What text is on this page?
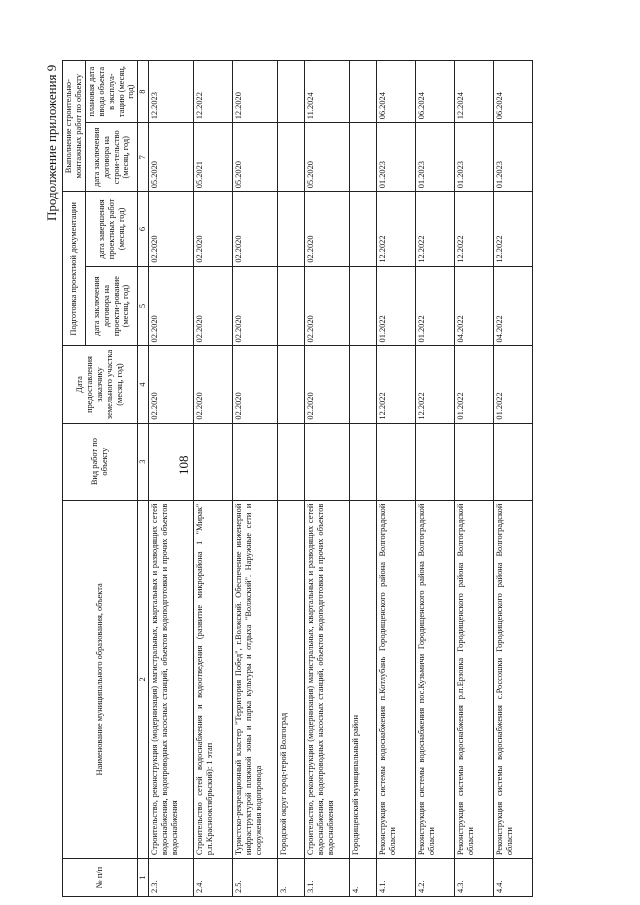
108
Продолжение приложения 9
№ п/п	Наименование муниципального образования, объекта	Вид работ по объекту	Дата предоставления заказчику земельного участка (месяц, год)	Подготовка проектной документации		Выполнение строительно-монтажных работ по объекту	
				дата заключения договора на проекти-рование (месяц, год)	дата завершения проектных работ (месяц, год)	дата заключения договора на строи-тельство (месяц, год)	плановая дата ввода объекта в эксплуа-тацию (месяц, год)
1	2	3	4	5	6	7	8
2.3.	Строительство, реконструкция (модернизация) магистральных, квартальных и разводящих сетей водоснабжения, водопроводных насосных станций, объектов водоподготовки и прочих объектов водоснабжения		02.2020	02.2020	02.2020	05.2020	12.2023
2.4.	Строительство сетей водоснабжения и водоотведения (развитие микрорайона 1 "Мирак" р.п.Краснооктябрьский): 1 этап		02.2020	02.2020	02.2020	05.2021	12.2022
2.5.	Туристско-рекреационный кластер "Территория Побед", г.Волжский. Обеспечение инженерной инфраструктурой пляжной зоны и парка культуры и отдыха "Волжский". Наружные сети и сооружения водопровода		02.2020	02.2020	02.2020	05.2020	12.2020
3.	Городской округ город-герой Волгоград						
3.1.	Строительство, реконструкция (модернизация) магистральных, квартальных и разводящих сетей водоснабжения, водопроводных насосных станций, объектов водоподготовки и прочих объектов водоснабжения		02.2020	02.2020	02.2020	05.2020	11.2024
4.	Городищенский муниципальный район						
4.1.	Реконструкция системы водоснабжения п.Котлубань Городищенского района Волгоградской области		12.2022	01.2022	12.2022	01.2023	06.2024
4.2.	Реконструкция системы водоснабжения пос.Кузьмичи Городищенского района Волгоградской области		12.2022	01.2022	12.2022	01.2023	06.2024
4.3.	Реконструкция системы водоснабжения р.п.Ерзовка Городищенского района Волгоградской области		01.2022	04.2022	12.2022	01.2023	12.2024
4.4.	Реконструкция системы водоснабжения с.Россошки Городищенского района Волгоградской области		01.2022	04.2022	12.2022	01.2023	06.2024
